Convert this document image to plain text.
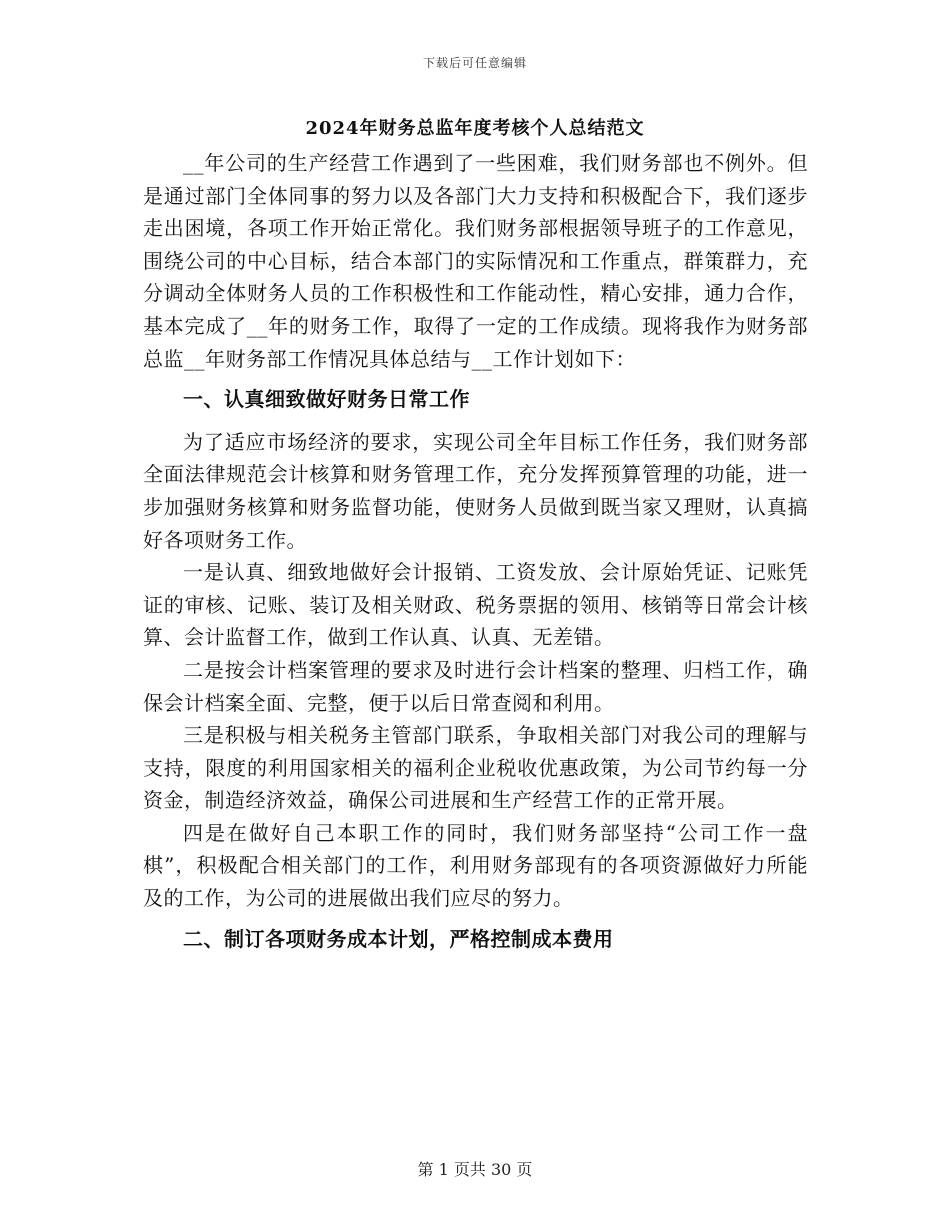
下载后可任意编辑
2024年财务总监年度考核个人总结范文

__年公司的生产经营工作遇到了一些困难，我们财务部也不例外。但是通过部门全体同事的努力以及各部门大力支持和积极配合下，我们逐步走出困境，各项工作开始正常化。我们财务部根据领导班子的工作意见，围绕公司的中心目标，结合本部门的实际情况和工作重点，群策群力，充分调动全体财务人员的工作积极性和工作能动性，精心安排，通力合作，基本完成了__年的财务工作，取得了一定的工作成绩。现将我作为财务部总监__年财务部工作情况具体总结与__工作计划如下：

一、认真细致做好财务日常工作

为了适应市场经济的要求，实现公司全年目标工作任务，我们财务部全面法律规范会计核算和财务管理工作，充分发挥预算管理的功能，进一步加强财务核算和财务监督功能，使财务人员做到既当家又理财，认真搞好各项财务工作。

一是认真、细致地做好会计报销、工资发放、会计原始凭证、记账凭证的审核、记账、装订及相关财政、税务票据的领用、核销等日常会计核算、会计监督工作，做到工作认真、认真、无差错。

二是按会计档案管理的要求及时进行会计档案的整理、归档工作，确保会计档案全面、完整，便于以后日常查阅和利用。

三是积极与相关税务主管部门联系，争取相关部门对我公司的理解与支持，限度的利用国家相关的福利企业税收优惠政策，为公司节约每一分资金，制造经济效益，确保公司进展和生产经营工作的正常开展。

四是在做好自己本职工作的同时，我们财务部坚持“公司工作一盘棋”，积极配合相关部门的工作，利用财务部现有的各项资源做好力所能及的工作，为公司的进展做出我们应尽的努力。

二、制订各项财务成本计划，严格控制成本费用

第 1 页共 30 页
